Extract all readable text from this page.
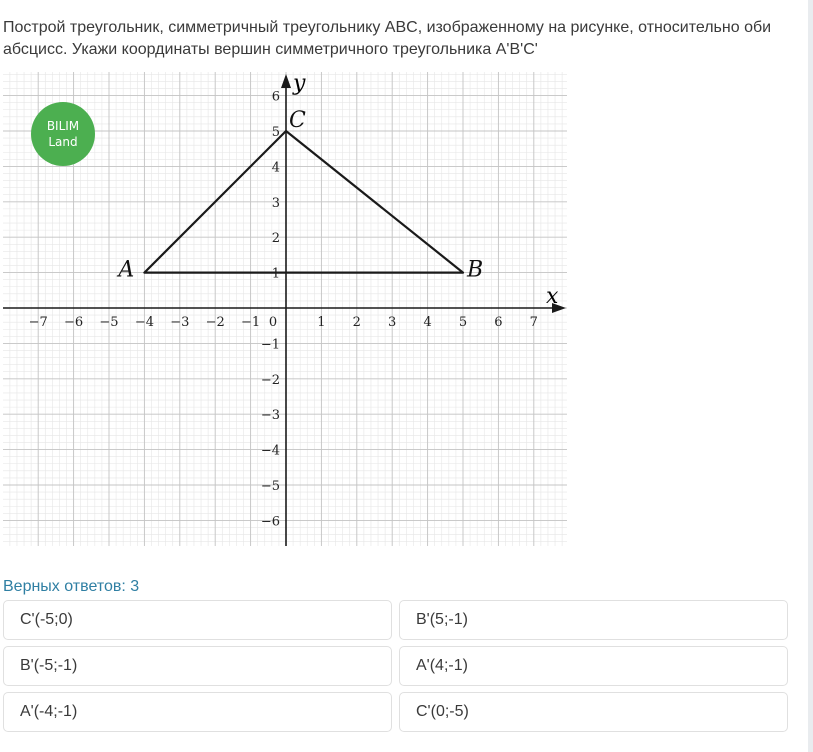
Построй треугольник, симметричный треугольнику ABC, изображенному на рисунке, относительно оби абсцисс. Укажи координаты вершин симметричного треугольника A'B'C'
−7 −6 −5 −4 −3 −2 −1 0	1 2 3 4 5 6 7
6
5
4
3
2
1
−1
−2
−3
−4
−5
−6
A	B
C
BILIM
Land
y
x
Верных ответов: 3
C'(-5;0)	B'(5;-1)
B'(-5;-1)	A'(4;-1)
A'(-4;-1)	C'(0;-5)
